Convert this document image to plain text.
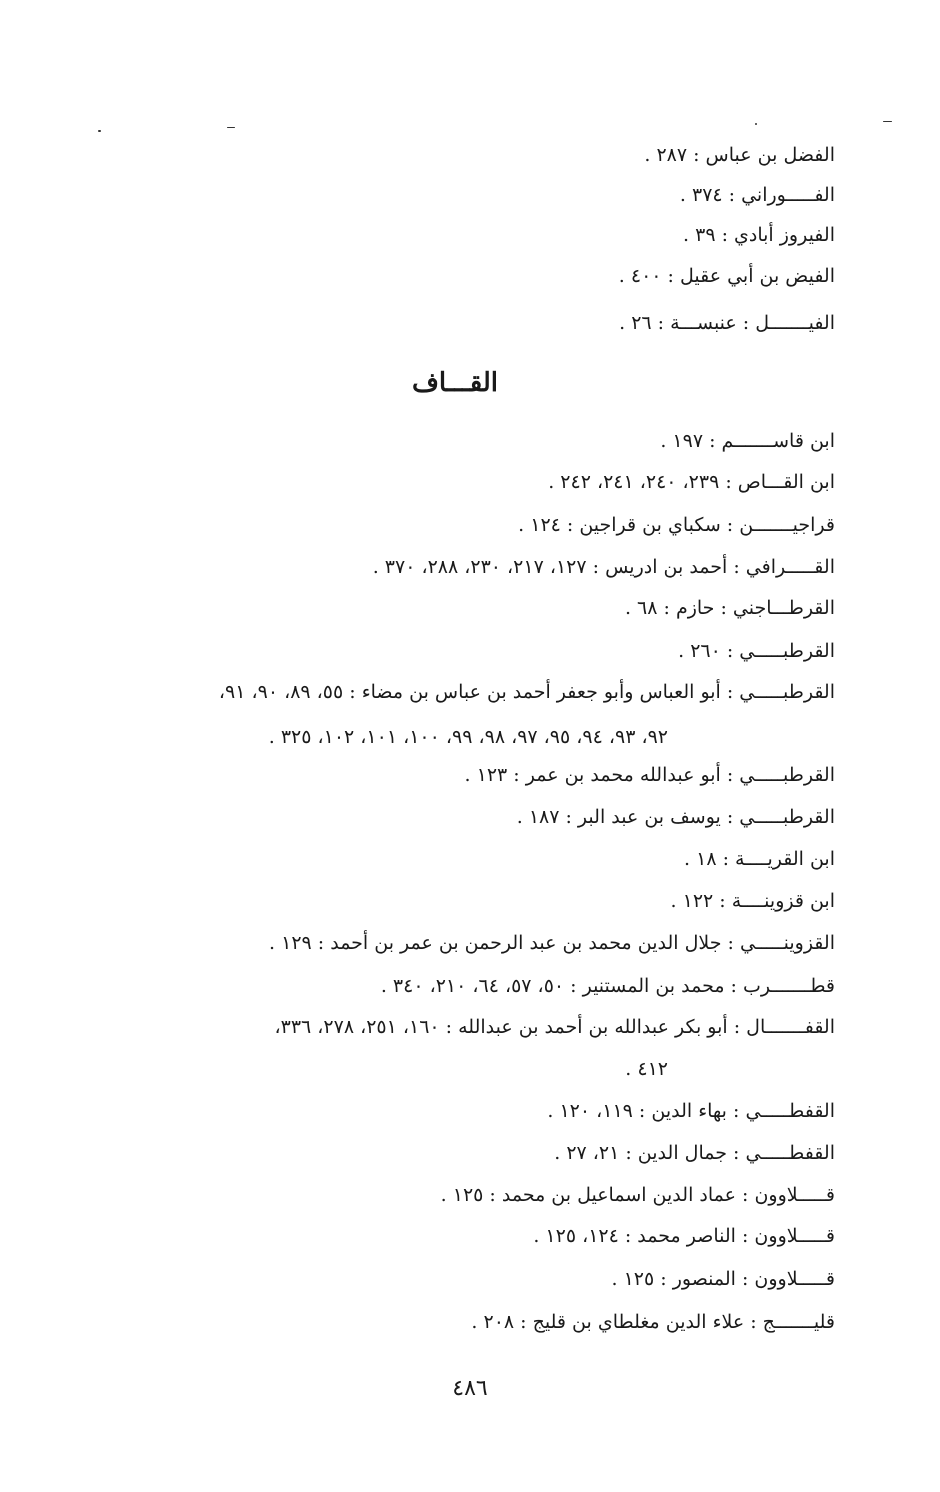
الفضل بن عباس : ٢٨٧ .
الفـــــوراني : ٣٧٤ .
الفيروز أبادي : ٣٩ .
الفيض بن أبي عقيل : ٤٠٠ .
الفيـــــــل : عنبســـة : ٢٦ .
القـــاف
ابن قاســـــــم : ١٩٧ .
ابن القـــاص : ٢٣٩، ٢٤٠، ٢٤١، ٢٤٢ .
قراجيـــــــن : سكباي بن قراجين : ١٢٤ .
القـــــرافي : أحمد بن ادريس : ١٢٧، ٢١٧، ٢٣٠، ٢٨٨، ٣٧٠ .
القرطـــاجني : حازم : ٦٨ .
القرطبـــــي : ٢٦٠ .
القرطبـــــي : أبو العباس وأبو جعفر أحمد بن عباس بن مضاء : ٥٥، ٨٩، ٩٠، ٩١،
٩٢، ٩٣، ٩٤، ٩٥، ٩٧، ٩٨، ٩٩، ١٠٠، ١٠١، ١٠٢، ٣٢٥ .
القرطبـــــي : أبو عبدالله محمد بن عمر : ١٢٣ .
القرطبـــــي : يوسف بن عبد البر : ١٨٧ .
ابن القريــــة : ١٨ .
ابن قزوينــــة : ١٢٢ .
القزوينـــــي : جلال الدين محمد بن عبد الرحمن بن عمر بن أحمد : ١٢٩ .
قطـــــــرب : محمد بن المستنير : ٥٠، ٥٧، ٦٤، ٢١٠، ٣٤٠ .
القفـــــــال : أبو بكر عبدالله بن أحمد بن عبدالله : ١٦٠، ٢٥١، ٢٧٨، ٣٣٦،
٤١٢ .
القفطـــــي : بهاء الدين : ١١٩، ١٢٠ .
القفطـــــي : جمال الدين : ٢١، ٢٧ .
قـــــلاوون : عماد الدين اسماعيل بن محمد : ١٢٥ .
قـــــلاوون : الناصر محمد : ١٢٤، ١٢٥ .
قـــــلاوون : المنصور : ١٢٥ .
قليـــــــج : علاء الدين مغلطاي بن قليج : ٢٠٨ .
٤٨٦
